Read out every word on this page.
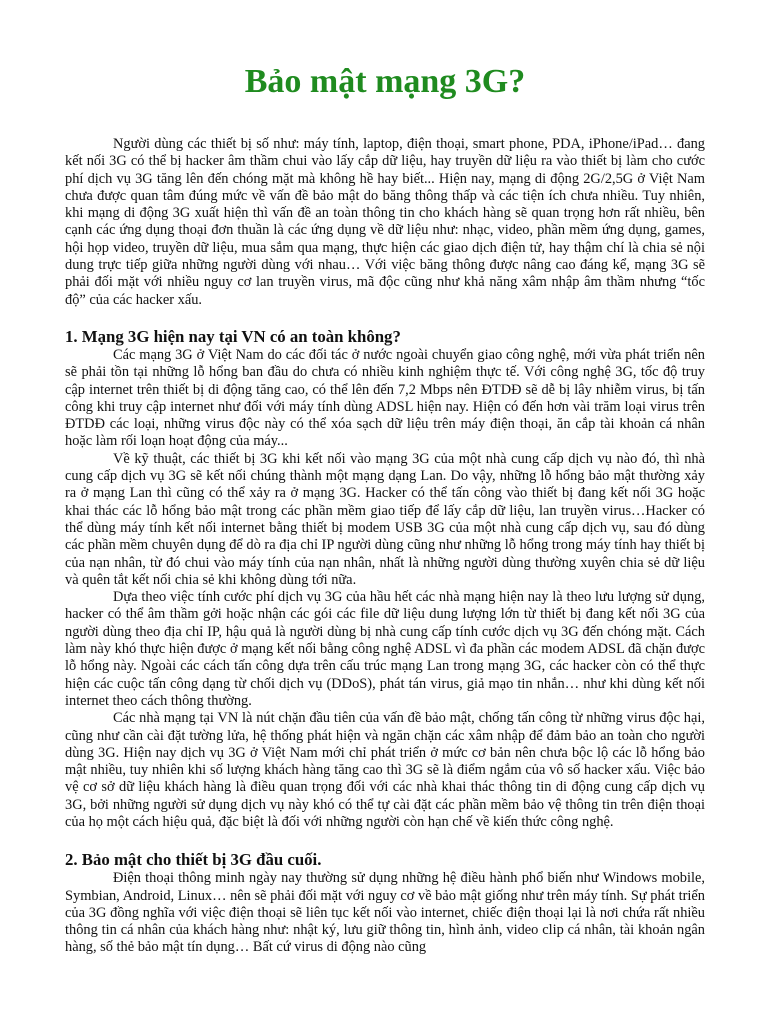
Bảo mật mạng 3G?

Người dùng các thiết bị số như: máy tính, laptop, điện thoại, smart phone, PDA, iPhone/iPad… đang kết nối 3G có thể bị hacker âm thầm chui vào lấy cắp dữ liệu, hay truyền dữ liệu ra vào thiết bị làm cho cước phí dịch vụ 3G tăng lên đến chóng mặt mà không hề hay biết... Hiện nay, mạng di động 2G/2,5G ở Việt Nam chưa được quan tâm đúng mức về vấn đề bảo mật do băng thông thấp và các tiện ích chưa nhiều. Tuy nhiên, khi mạng di động 3G xuất hiện thì vấn đề an toàn thông tin cho khách hàng sẽ quan trọng hơn rất nhiều, bên cạnh các ứng dụng thoại đơn thuần là các ứng dụng về dữ liệu như: nhạc, video, phần mềm ứng dụng, games, hội họp video, truyền dữ liệu, mua sắm qua mạng, thực hiện các giao dịch điện tử, hay thậm chí là chia sẻ nội dung trực tiếp giữa những người dùng với nhau… Với việc băng thông được nâng cao đáng kể, mạng 3G sẽ phải đối mặt với nhiều nguy cơ lan truyền virus, mã độc cũng như khả năng xâm nhập âm thầm nhưng “tốc độ” của các hacker xấu.

1. Mạng 3G hiện nay tại VN có an toàn không?

Các mạng 3G ở Việt Nam do các đối tác ở nước ngoài chuyển giao công nghệ, mới vừa phát triển nên sẽ phải tồn tại những lỗ hổng ban đầu do chưa có nhiều kinh nghiệm thực tế. Với công nghệ 3G, tốc độ truy cập internet trên thiết bị di động tăng cao, có thể lên đến 7,2 Mbps nên ĐTDĐ sẽ dễ bị lây nhiễm virus, bị tấn công khi truy cập internet như đối với máy tính dùng ADSL hiện nay. Hiện có đến hơn vài trăm loại virus trên ĐTDĐ các loại, những virus độc này có thể xóa sạch dữ liệu trên máy điện thoại, ăn cắp tài khoản cá nhân hoặc làm rối loạn hoạt động của máy...

Về kỹ thuật, các thiết bị 3G khi kết nối vào mạng 3G của một nhà cung cấp dịch vụ nào đó, thì nhà cung cấp dịch vụ 3G sẽ kết nối chúng thành một mạng dạng Lan. Do vậy, những lỗ hổng bảo mật thường xảy ra ở mạng Lan thì cũng có thể xảy ra ở mạng 3G. Hacker có thể tấn công vào thiết bị đang kết nối 3G hoặc khai thác các lỗ hổng bảo mật trong các phần mềm giao tiếp để lấy cắp dữ liệu, lan truyền virus…Hacker có thể dùng máy tính kết nối internet bằng thiết bị modem USB 3G của một nhà cung cấp dịch vụ, sau đó dùng các phần mềm chuyên dụng để dò ra địa chỉ IP người dùng cũng như những lỗ hổng trong máy tính hay thiết bị của nạn nhân, từ đó chui vào máy tính của nạn nhân, nhất là những người dùng thường xuyên chia sẻ dữ liệu và quên tắt kết nối chia sẻ khi không dùng tới nữa.

Dựa theo việc tính cước phí dịch vụ 3G của hầu hết các nhà mạng hiện nay là theo lưu lượng sử dụng, hacker có thể âm thầm gởi hoặc nhận các gói các file dữ liệu dung lượng lớn từ thiết bị đang kết nối 3G của người dùng theo địa chỉ IP, hậu quả là người dùng bị nhà cung cấp tính cước dịch vụ 3G đến chóng mặt. Cách làm này khó thực hiện được ở mạng kết nối bằng công nghệ ADSL vì đa phần các modem ADSL đã chặn được lỗ hổng này. Ngoài các cách tấn công dựa trên cấu trúc mạng Lan trong mạng 3G, các hacker còn có thể thực hiện các cuộc tấn công dạng từ chối dịch vụ (DDoS), phát tán virus, giả mạo tin nhắn… như khi dùng kết nối internet theo cách thông thường.

Các nhà mạng tại VN là nút chặn đầu tiên của vấn đề bảo mật, chống tấn công từ những virus độc hại, cũng như cần cài đặt tường lửa, hệ thống phát hiện và ngăn chặn các xâm nhập để đảm bảo an toàn cho người dùng 3G. Hiện nay dịch vụ 3G ở Việt Nam mới chỉ phát triển ở mức cơ bản nên chưa bộc lộ các lỗ hổng bảo mật nhiều, tuy nhiên khi số lượng khách hàng tăng cao thì 3G sẽ là điểm ngắm của vô số hacker xấu. Việc bảo vệ cơ sở dữ liệu khách hàng là điều quan trọng đối với các nhà khai thác thông tin di động cung cấp dịch vụ 3G, bởi những người sử dụng dịch vụ này khó có thể tự cài đặt các phần mềm bảo vệ thông tin trên điện thoại của họ một cách hiệu quả, đặc biệt là đối với những người còn hạn chế về kiến thức công nghệ.

2. Bảo mật cho thiết bị 3G đầu cuối.

Điện thoại thông minh ngày nay thường sử dụng những hệ điều hành phổ biến như Windows mobile, Symbian, Android, Linux… nên sẽ phải đối mặt với nguy cơ về bảo mật giống như trên máy tính. Sự phát triển của 3G đồng nghĩa với việc điện thoại sẽ liên tục kết nối vào internet, chiếc điện thoại lại là nơi chứa rất nhiều thông tin cá nhân của khách hàng như: nhật ký, lưu giữ thông tin, hình ảnh, video clip cá nhân, tài khoản ngân hàng, số thẻ bảo mật tín dụng… Bất cứ virus di động nào cũng
